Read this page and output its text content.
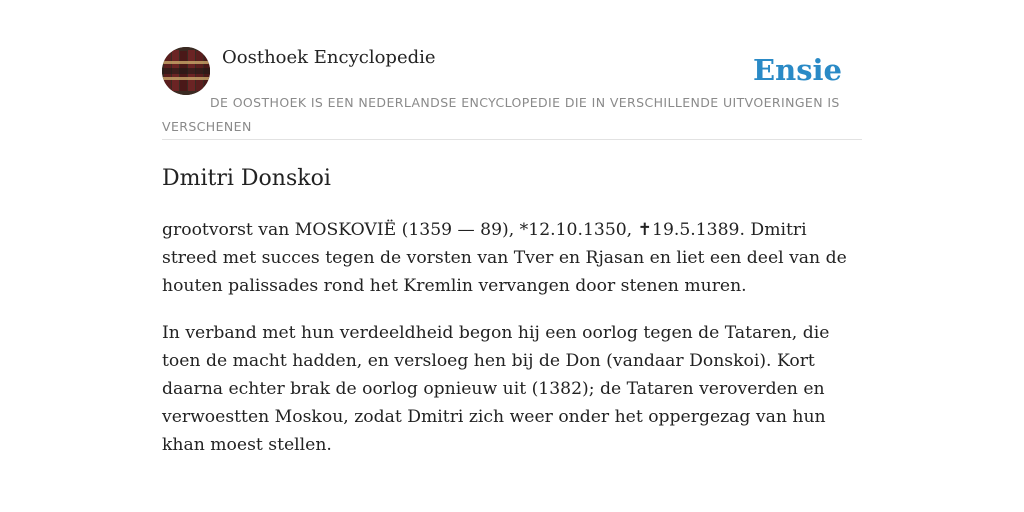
Oosthoek Encyclopedie	Ensie
DE OOSTHOEK IS EEN NEDERLANDSE ENCYCLOPEDIE DIE IN VERSCHILLENDE UITVOERINGEN IS VERSCHENEN
Dmitri Donskoi

grootvorst van MOSKOVIË (1359 — 89), *12.10.1350, ✝19.5.1389. Dmitri streed met succes tegen de vorsten van Tver en Rjasan en liet een deel van de houten palissades rond het Kremlin vervangen door stenen muren.

In verband met hun verdeeldheid begon hij een oorlog tegen de Tataren, die toen de macht hadden, en versloeg hen bij de Don (vandaar Donskoi). Kort daarna echter brak de oorlog opnieuw uit (1382); de Tataren veroverden en verwoestten Moskou, zodat Dmitri zich weer onder het oppergezag van hun khan moest stellen.
